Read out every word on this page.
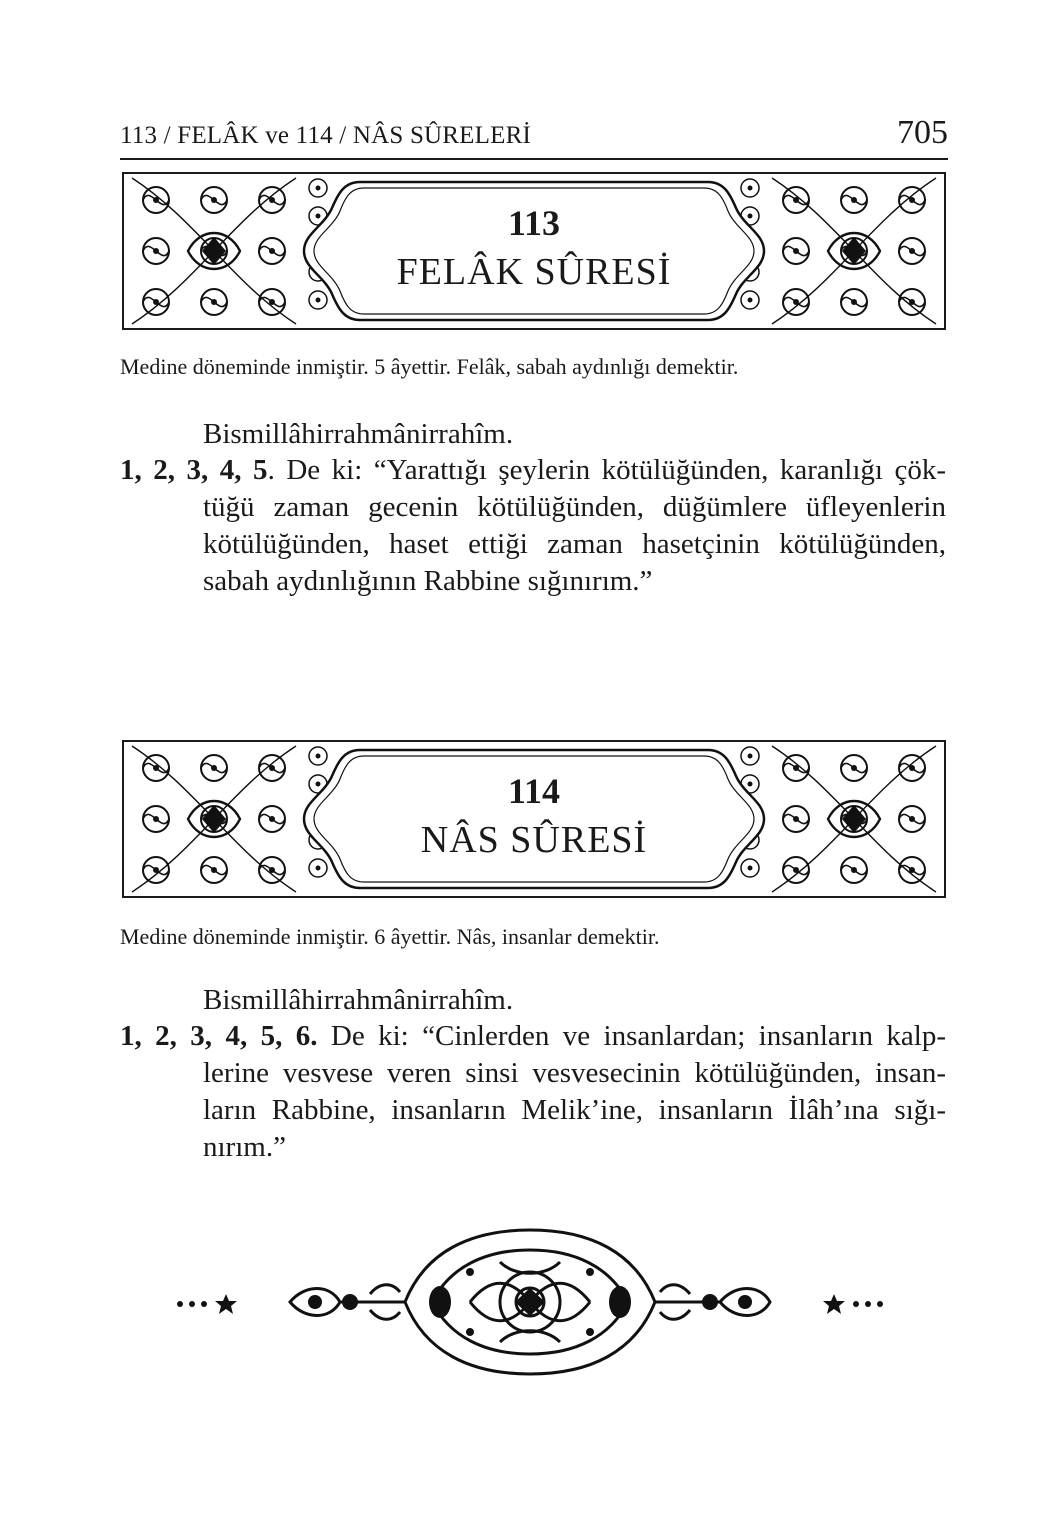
113 / FELÂK ve 114 / NÂS SÛRELERİ	705
113
FELÂK SÛRESİ
Medine döneminde inmiştir. 5 âyettir. Felâk, sabah aydınlığı demektir.
Bismillâhirrahmânirrahîm.
1, 2, 3, 4, 5. De ki: “Yarattığı şeylerin kötülüğünden, karanlığı çök-
tüğü zaman gecenin kötülüğünden, düğümlere üfleyenlerin
kötülüğünden, haset ettiği zaman hasetçinin kötülüğünden,
sabah aydınlığının Rabbine sığınırım.”
114
NÂS SÛRESİ
Medine döneminde inmiştir. 6 âyettir. Nâs, insanlar demektir.
Bismillâhirrahmânirrahîm.
1, 2, 3, 4, 5, 6. De ki: “Cinlerden ve insanlardan; insanların kalp-
lerine vesvese veren sinsi vesvesecinin kötülüğünden, insan-
ların Rabbine, insanların Melik’ine, insanların İlâh’ına sığı-
nırım.”
